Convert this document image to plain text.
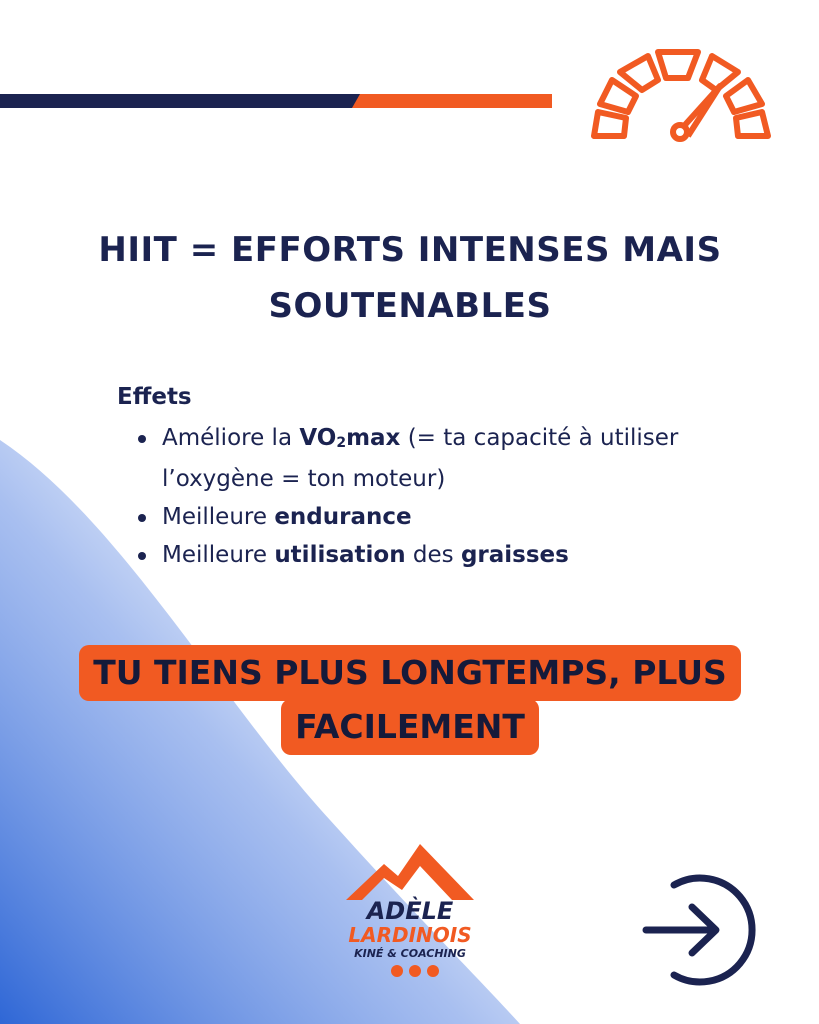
HIIT = EFFORTS INTENSES MAIS
SOUTENABLES
Effets
Améliore la $VO_2\max$ (= ta capacité à utiliser l’oxygène = ton moteur)
Meilleure endurance
Meilleure utilisation des graisses
TU TIENS PLUS LONGTEMPS, PLUS
FACILEMENT
ADÈLE
LARDINOIS
KINÉ & COACHING
